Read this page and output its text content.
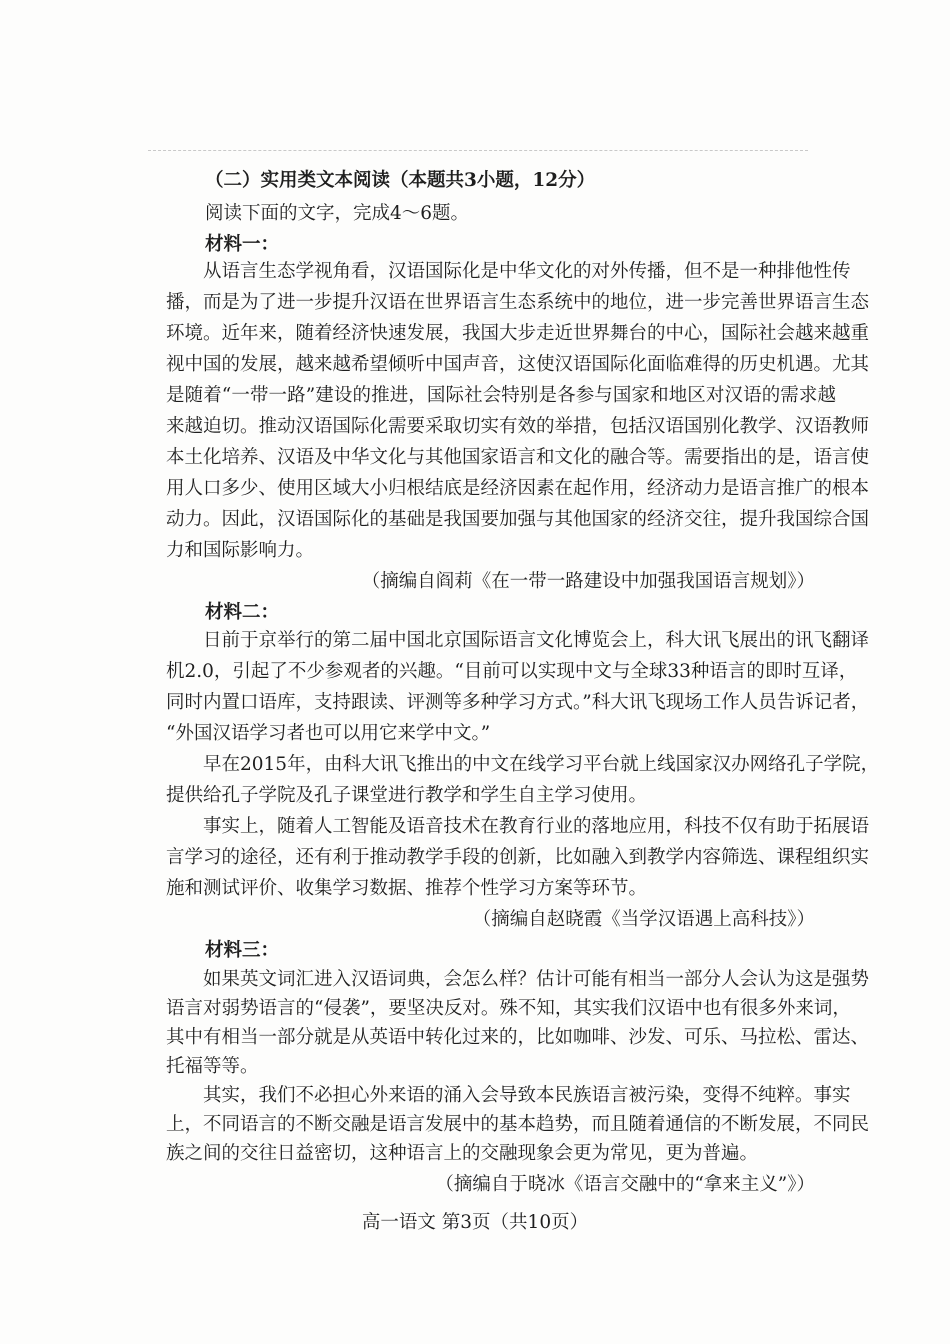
（二）实用类文本阅读（本题共3小题，12分）
阅读下面的文字，完成4～6题。
材料一：
从语言生态学视角看，汉语国际化是中华文化的对外传播，但不是一种排他性传
播，而是为了进一步提升汉语在世界语言生态系统中的地位，进一步完善世界语言生态
环境。近年来，随着经济快速发展，我国大步走近世界舞台的中心，国际社会越来越重
视中国的发展，越来越希望倾听中国声音，这使汉语国际化面临难得的历史机遇。尤其
是随着“一带一路”建设的推进，国际社会特别是各参与国家和地区对汉语的需求越
来越迫切。推动汉语国际化需要采取切实有效的举措，包括汉语国别化教学、汉语教师
本土化培养、汉语及中华文化与其他国家语言和文化的融合等。需要指出的是，语言使
用人口多少、使用区域大小归根结底是经济因素在起作用，经济动力是语言推广的根本
动力。因此，汉语国际化的基础是我国要加强与其他国家的经济交往，提升我国综合国
力和国际影响力。
（摘编自阎莉《在一带一路建设中加强我国语言规划》）
材料二：
日前于京举行的第二届中国北京国际语言文化博览会上，科大讯飞展出的讯飞翻译
机2.0，引起了不少参观者的兴趣。“目前可以实现中文与全球33种语言的即时互译，
同时内置口语库，支持跟读、评测等多种学习方式。”科大讯飞现场工作人员告诉记者，
“外国汉语学习者也可以用它来学中文。”
早在2015年，由科大讯飞推出的中文在线学习平台就上线国家汉办网络孔子学院，
提供给孔子学院及孔子课堂进行教学和学生自主学习使用。
事实上，随着人工智能及语音技术在教育行业的落地应用，科技不仅有助于拓展语
言学习的途径，还有利于推动教学手段的创新，比如融入到教学内容筛选、课程组织实
施和测试评价、收集学习数据、推荐个性学习方案等环节。
（摘编自赵晓霞《当学汉语遇上高科技》）
材料三：
如果英文词汇进入汉语词典，会怎么样？估计可能有相当一部分人会认为这是强势
语言对弱势语言的“侵袭”，要坚决反对。殊不知，其实我们汉语中也有很多外来词，
其中有相当一部分就是从英语中转化过来的，比如咖啡、沙发、可乐、马拉松、雷达、
托福等等。
其实，我们不必担心外来语的涌入会导致本民族语言被污染，变得不纯粹。事实
上，不同语言的不断交融是语言发展中的基本趋势，而且随着通信的不断发展，不同民
族之间的交往日益密切，这种语言上的交融现象会更为常见，更为普遍。
（摘编自于晓冰《语言交融中的“拿来主义”》）
高一语文 第3页（共10页）
